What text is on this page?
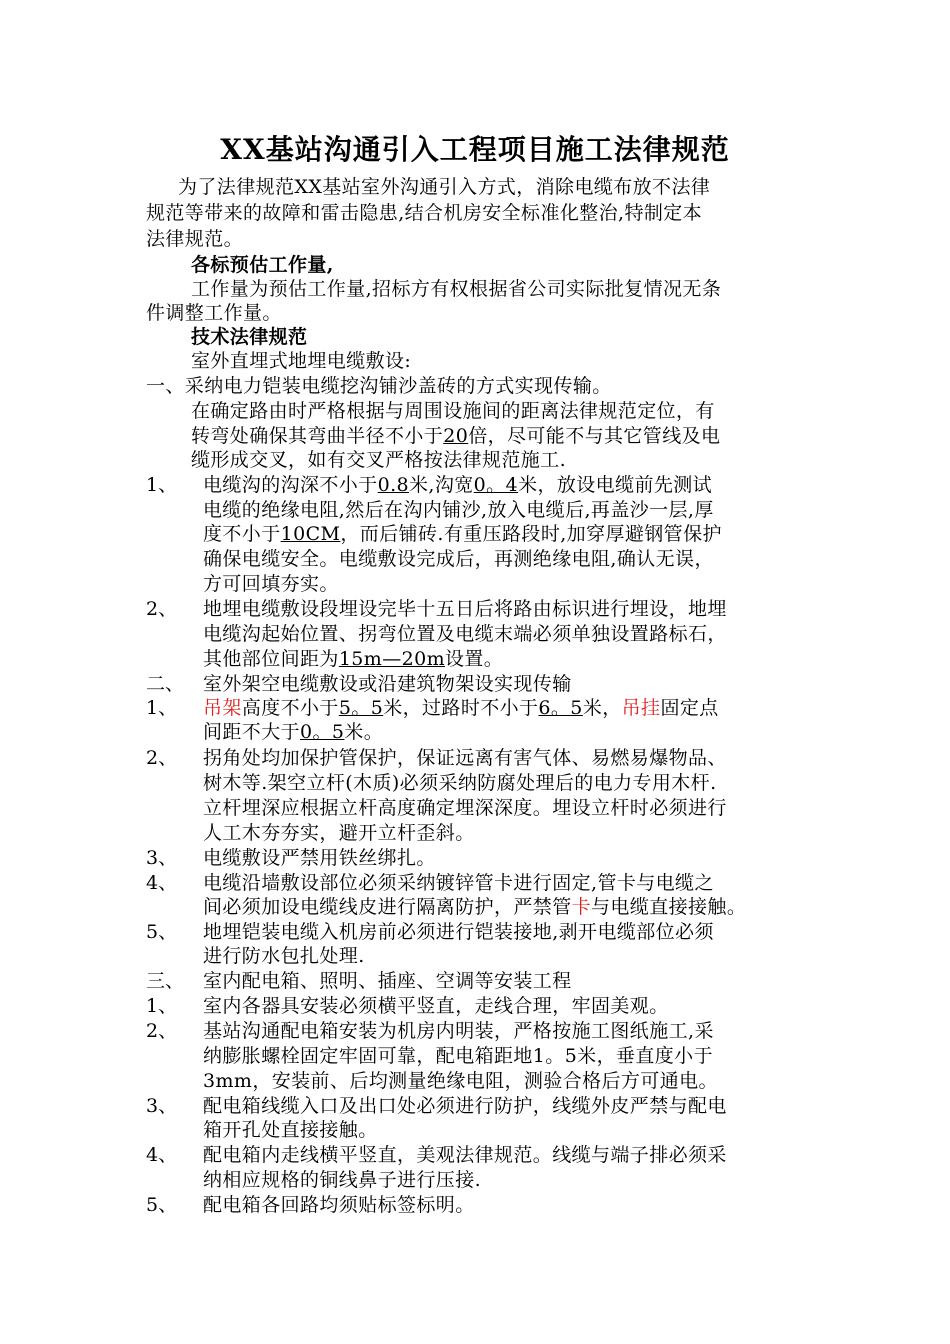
XX基站沟通引入工程项目施工法律规范
为了法律规范XX基站室外沟通引入方式，消除电缆布放不法律
规范等带来的故障和雷击隐患,结合机房安全标准化整治,特制定本
法律规范。
各标预估工作量,
工作量为预估工作量,招标方有权根据省公司实际批复情况无条
件调整工作量。
技术法律规范
室外直埋式地埋电缆敷设:
一、采纳电力铠装电缆挖沟铺沙盖砖的方式实现传输。
在确定路由时严格根据与周围设施间的距离法律规范定位，有
转弯处确保其弯曲半径不小于20倍，尽可能不与其它管线及电
缆形成交叉，如有交叉严格按法律规范施工.
1、 电缆沟的沟深不小于0.8米,沟宽0。4米，放设电缆前先测试
电缆的绝缘电阻,然后在沟内铺沙,放入电缆后,再盖沙一层,厚
度不小于10CM，而后铺砖.有重压路段时,加穿厚避钢管保护
确保电缆安全。电缆敷设完成后，再测绝缘电阻,确认无误，
方可回填夯实。
2、 地埋电缆敷设段埋设完毕十五日后将路由标识进行埋设，地埋
电缆沟起始位置、拐弯位置及电缆末端必须单独设置路标石，
其他部位间距为15m—20m设置。
二、 室外架空电缆敷设或沿建筑物架设实现传输
1、 吊架高度不小于5。5米，过路时不小于6。5米，吊挂固定点
间距不大于0。5米。
2、 拐角处均加保护管保护，保证远离有害气体、易燃易爆物品、
树木等.架空立杆(木质)必须采纳防腐处理后的电力专用木杆.
立杆埋深应根据立杆高度确定埋深深度。埋设立杆时必须进行
人工木夯夯实，避开立杆歪斜。
3、 电缆敷设严禁用铁丝绑扎。
4、 电缆沿墙敷设部位必须采纳镀锌管卡进行固定,管卡与电缆之
间必须加设电缆线皮进行隔离防护，严禁管卡与电缆直接接触。
5、 地埋铠装电缆入机房前必须进行铠装接地,剥开电缆部位必须
进行防水包扎处理.
三、 室内配电箱、照明、插座、空调等安装工程
1、 室内各器具安装必须横平竖直，走线合理，牢固美观。
2、 基站沟通配电箱安装为机房内明装，严格按施工图纸施工,采
纳膨胀螺栓固定牢固可靠，配电箱距地1。5米，垂直度小于
3mm，安装前、后均测量绝缘电阻，测验合格后方可通电。
3、 配电箱线缆入口及出口处必须进行防护，线缆外皮严禁与配电
箱开孔处直接接触。
4、 配电箱内走线横平竖直，美观法律规范。线缆与端子排必须采
纳相应规格的铜线鼻子进行压接.
5、 配电箱各回路均须贴标签标明。
